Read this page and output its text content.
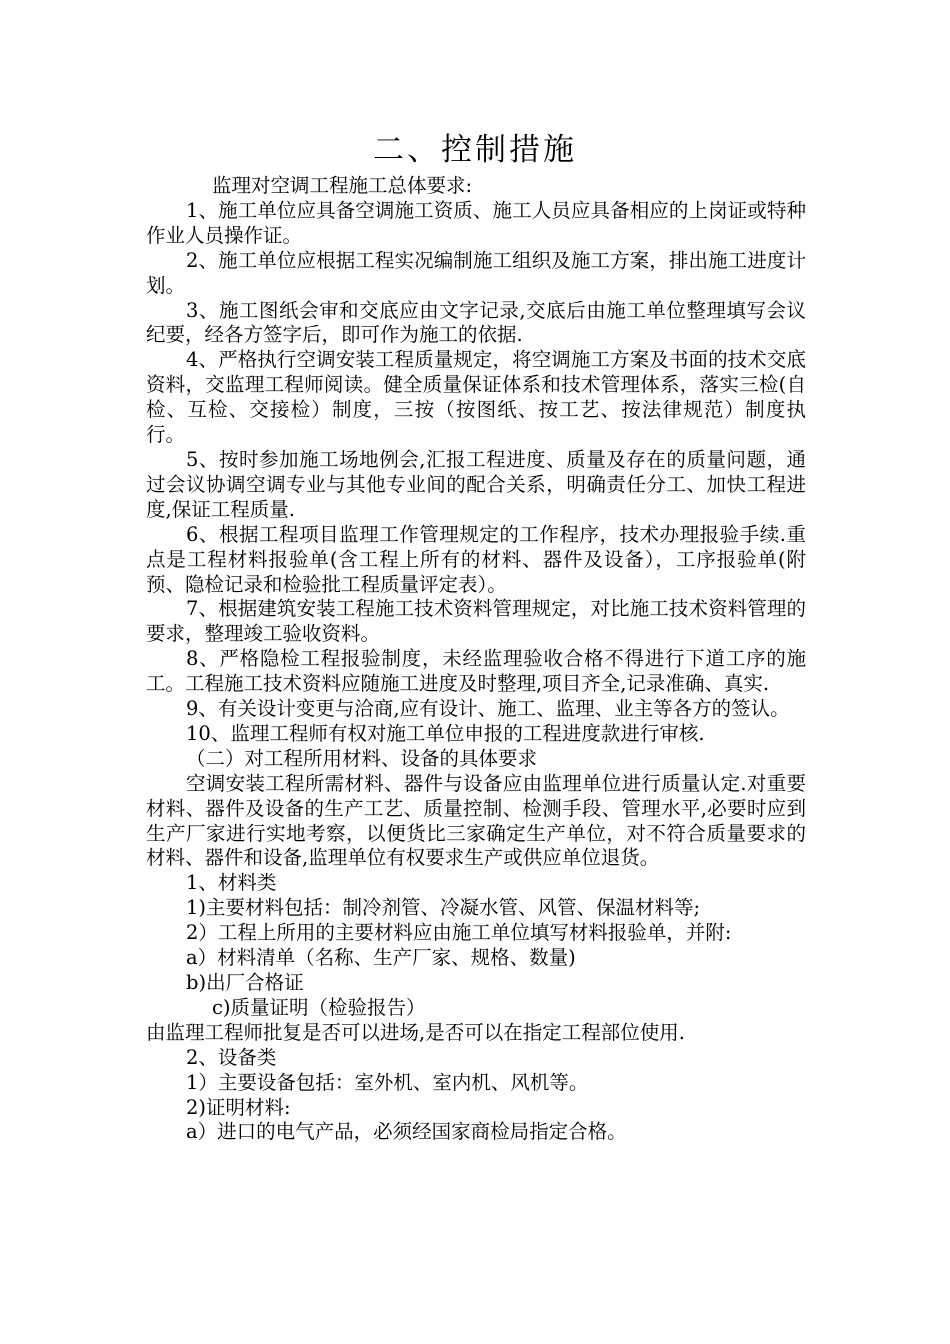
二、控制措施

监理对空调工程施工总体要求:

1、施工单位应具备空调施工资质、施工人员应具备相应的上岗证或特种作业人员操作证。

2、施工单位应根据工程实况编制施工组织及施工方案，排出施工进度计划。

3、施工图纸会审和交底应由文字记录,交底后由施工单位整理填写会议纪要，经各方签字后，即可作为施工的依据.

4、严格执行空调安装工程质量规定，将空调施工方案及书面的技术交底资料，交监理工程师阅读。健全质量保证体系和技术管理体系，落实三检(自检、互检、交接检）制度，三按（按图纸、按工艺、按法律规范）制度执行。

5、按时参加施工场地例会,汇报工程进度、质量及存在的质量问题，通过会议协调空调专业与其他专业间的配合关系，明确责任分工、加快工程进度,保证工程质量.

6、根据工程项目监理工作管理规定的工作程序，技术办理报验手续.重点是工程材料报验单(含工程上所有的材料、器件及设备），工序报验单(附预、隐检记录和检验批工程质量评定表）。

7、根据建筑安装工程施工技术资料管理规定，对比施工技术资料管理的要求，整理竣工验收资料。

8、严格隐检工程报验制度，未经监理验收合格不得进行下道工序的施工。工程施工技术资料应随施工进度及时整理,项目齐全,记录准确、真实.

9、有关设计变更与洽商,应有设计、施工、监理、业主等各方的签认。

10、监理工程师有权对施工单位申报的工程进度款进行审核.

（二）对工程所用材料、设备的具体要求

空调安装工程所需材料、器件与设备应由监理单位进行质量认定.对重要材料、器件及设备的生产工艺、质量控制、检测手段、管理水平,必要时应到生产厂家进行实地考察，以便货比三家确定生产单位，对不符合质量要求的材料、器件和设备,监理单位有权要求生产或供应单位退货。

1、材料类

1)主要材料包括：制冷剂管、冷凝水管、风管、保温材料等;

2）工程上所用的主要材料应由施工单位填写材料报验单，并附:

a）材料清单（名称、生产厂家、规格、数量)

b)出厂合格证

c)质量证明（检验报告）

由监理工程师批复是否可以进场,是否可以在指定工程部位使用.

2、设备类

1）主要设备包括：室外机、室内机、风机等。

2)证明材料:

a）进口的电气产品，必须经国家商检局指定合格。
